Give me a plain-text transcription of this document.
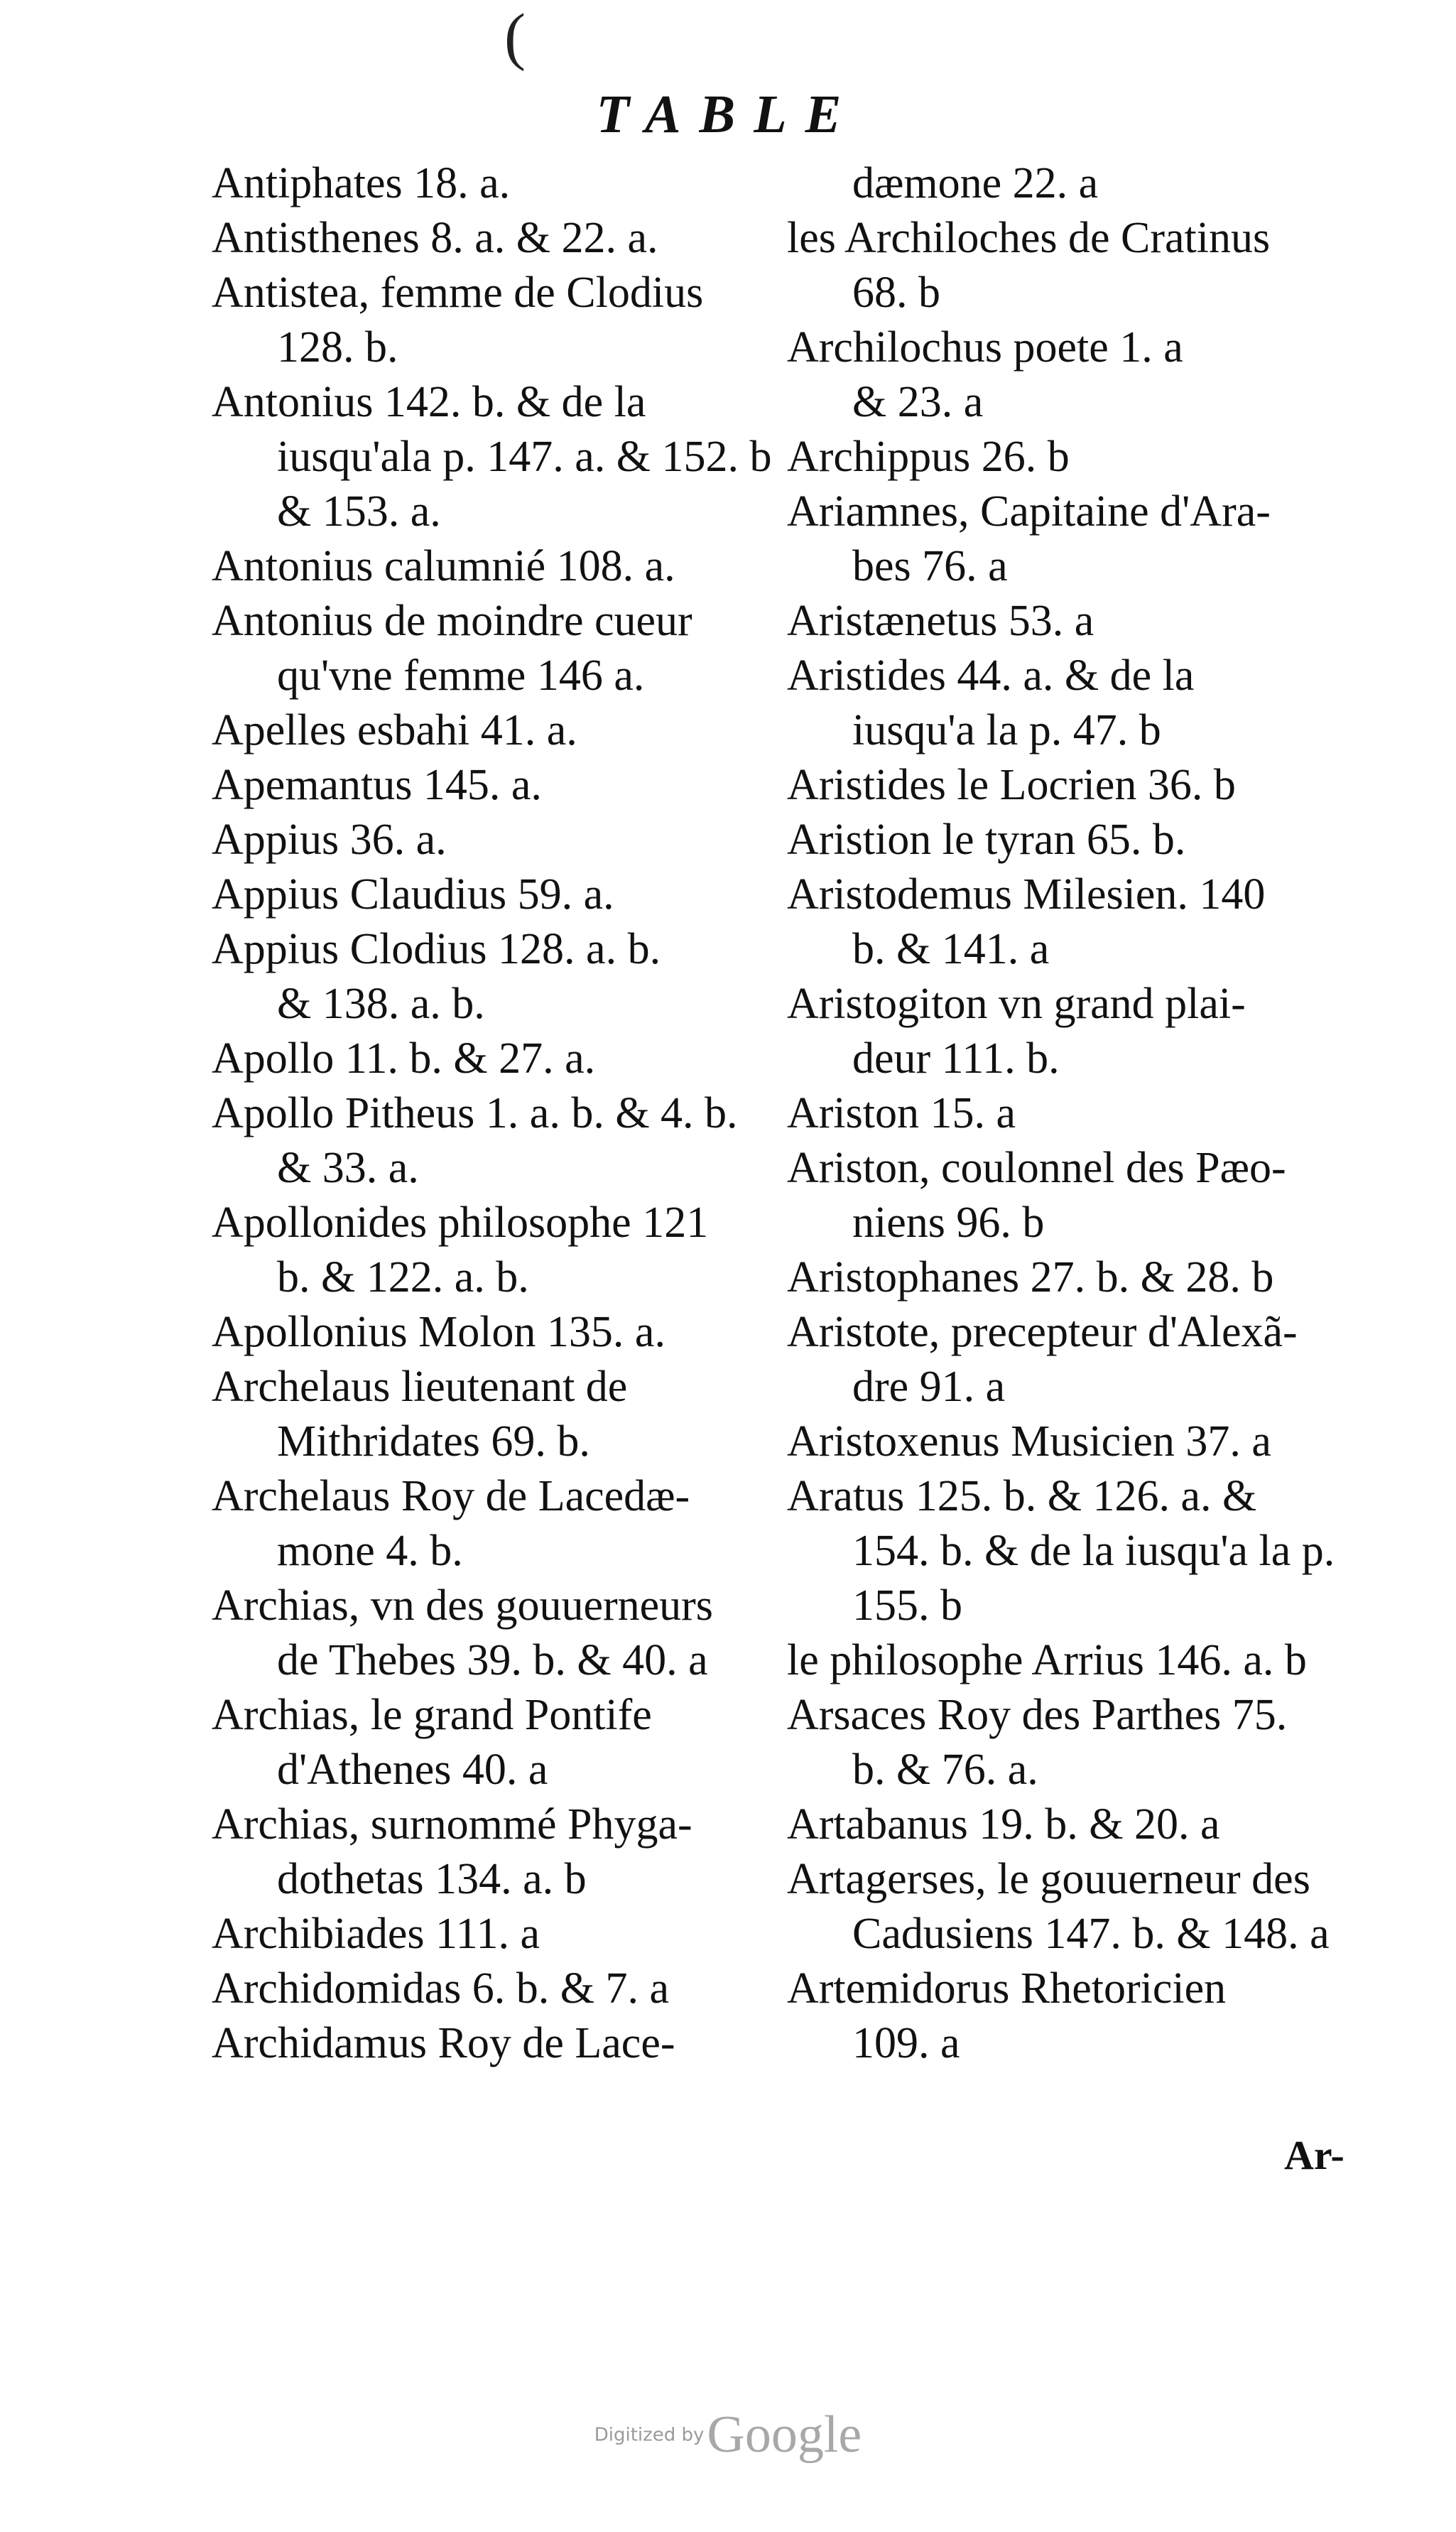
(
TABLE
Antiphates 18. a.
Antisthenes 8. a. & 22. a.
Antistea, femme de Clodius
128. b.
Antonius 142. b. & de la
iusqu'ala p. 147. a. & 152. b
& 153. a.
Antonius calumnié 108. a.
Antonius de moindre cueur
qu'vne femme 146 a.
Apelles esbahi 41. a.
Apemantus 145. a.
Appius 36. a.
Appius Claudius 59. a.
Appius Clodius 128. a. b.
& 138. a. b.
Apollo 11. b. & 27. a.
Apollo Pitheus 1. a. b. & 4. b.
& 33. a.
Apollonides philosophe 121
b. & 122. a. b.
Apollonius Molon 135. a.
Archelaus lieutenant de
Mithridates 69. b.
Archelaus Roy de Lacedæ-
mone 4. b.
Archias, vn des gouuerneurs
de Thebes 39. b. & 40. a
Archias, le grand Pontife
d'Athenes 40. a
Archias, surnommé Phyga-
dothetas 134. a. b
Archibiades 111. a
Archidomidas 6. b. & 7. a
Archidamus Roy de Lace-
dæmone 22. a
les Archiloches de Cratinus
68. b
Archilochus poete 1. a
& 23. a
Archippus 26. b
Ariamnes, Capitaine d'Ara-
bes 76. a
Aristænetus 53. a
Aristides 44. a. & de la
iusqu'a la p. 47. b
Aristides le Locrien 36. b
Aristion le tyran 65. b.
Aristodemus Milesien. 140
b. & 141. a
Aristogiton vn grand plai-
deur 111. b.
Ariston 15. a
Ariston, coulonnel des Pæo-
niens 96. b
Aristophanes 27. b. & 28. b
Aristote, precepteur d'Alexã-
dre 91. a
Aristoxenus Musicien 37. a
Aratus 125. b. & 126. a. &
154. b. & de la iusqu'a la p.
155. b
le philosophe Arrius 146. a. b
Arsaces Roy des Parthes 75.
b. & 76. a.
Artabanus 19. b. & 20. a
Artagerses, le gouuerneur des
Cadusiens 147. b. & 148. a
Artemidorus Rhetoricien
109. a
Ar-
Digitized by Google
